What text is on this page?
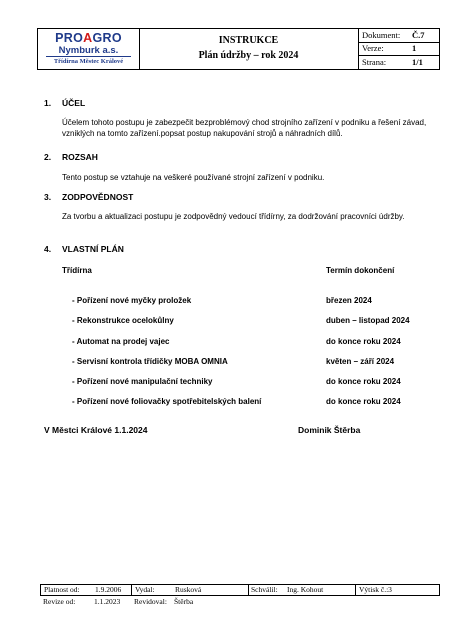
PROAGRO
Nymburk a.s.
Třídírna Městec Králové
INSTRUKCE
Plán údržby – rok 2024
Dokument: Č.7
Verze:	1
Strana:	1/1
1. ÚČEL
Účelem tohoto postupu je zabezpečit bezproblémový chod strojního zařízení v podniku a řešení závad, vzniklých na tomto zařízení.popsat postup nakupování strojů a náhradních dílů.
2. ROZSAH
Tento postup se vztahuje na veškeré používané strojní zařízení v podniku.
3. ZODPOVĚDNOST
Za tvorbu a aktualizaci postupu je zodpovědný vedoucí třídírny, za dodržování pracovníci údržby.
4. VLASTNÍ PLÁN
Třídírna	Termín dokončení
- Pořízení nové myčky proložek	březen 2024
- Rekonstrukce ocelokůlny	duben – listopad 2024
- Automat na prodej vajec	do konce roku 2024
- Servisní kontrola třídičky MOBA OMNIA	květen – září 2024
- Pořízení nové manipulační techniky	do konce roku 2024
- Pořízení nové foliovačky spotřebitelských balení	do konce roku 2024
V Městci Králové 1.1.2024	Dominik Štěrba
Platnost od: 1.9.2006 Vydal:	Rusková	Schválil: Ing. Kohout	Výtisk č.:3
Revize od: 1.1.2023 Revidoval: Štěrba
